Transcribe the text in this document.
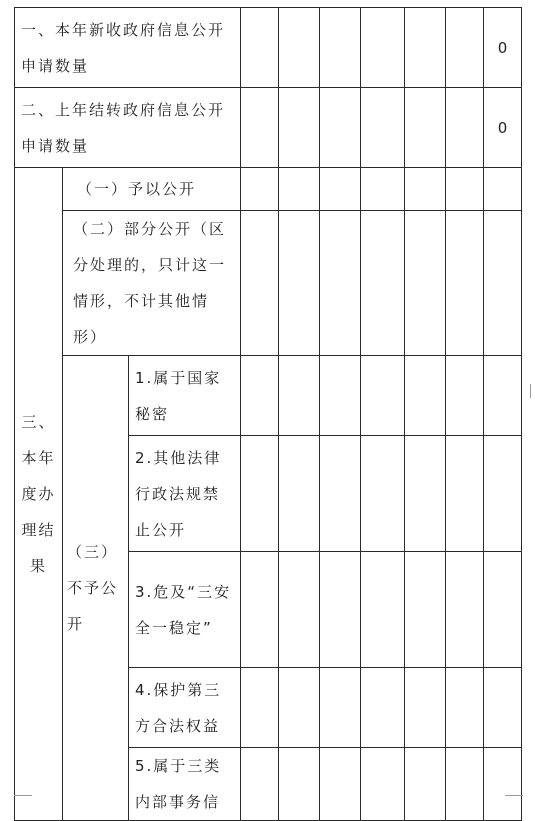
一、本年新收政府信息公开申请数量									0
二、上年结转政府信息公开申请数量									0
三、本年度办理结果	（一）予以公开								
	（二）部分公开（区分处理的，只计这一情形，不计其他情形）								
	（三）不予公开	1.属于国家秘密							
		2.其他法律行政法规禁止公开							
		3.危及“三安全一稳定”							
		4.保护第三方合法权益							
		5.属于三类内部事务信							
